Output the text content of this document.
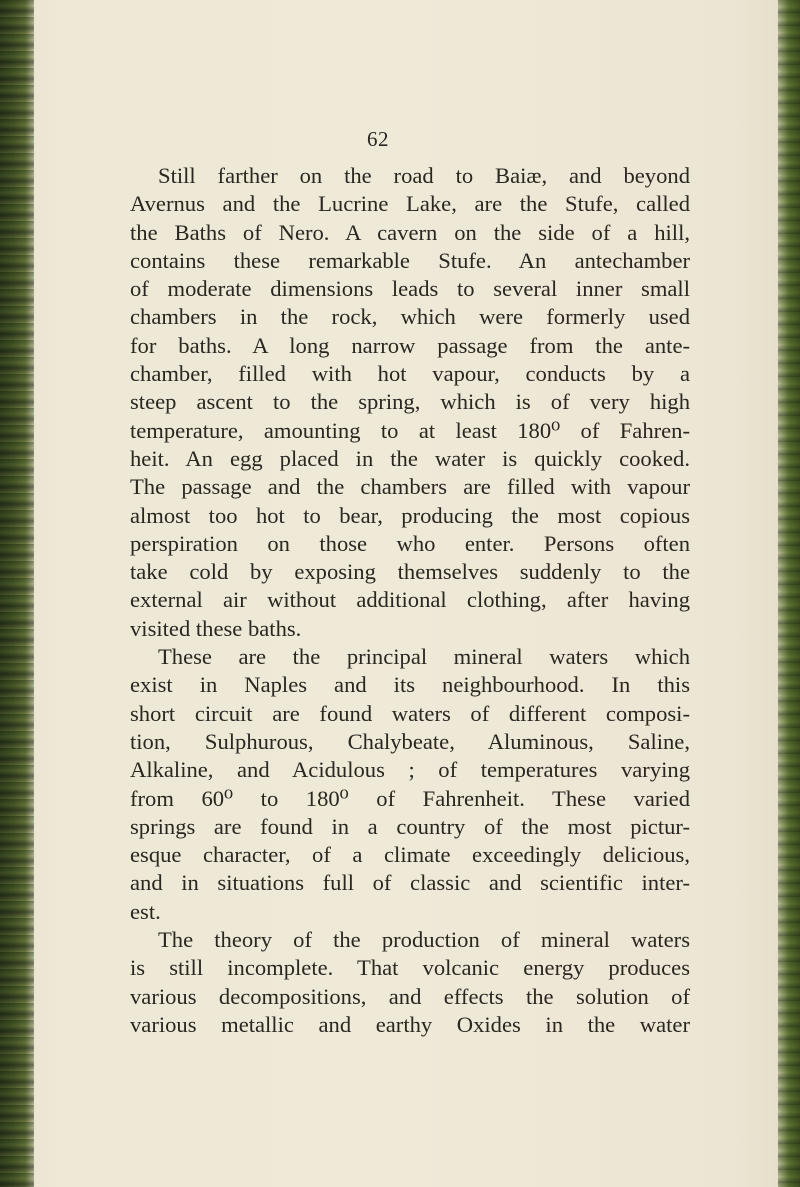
62
Still farther on the road to Baiæ, and beyond
Avernus and the Lucrine Lake, are the Stufe, called
the Baths of Nero. A cavern on the side of a hill,
contains these remarkable Stufe. An antechamber
of moderate dimensions leads to several inner small
chambers in the rock, which were formerly used
for baths. A long narrow passage from the ante-
chamber, filled with hot vapour, conducts by a
steep ascent to the spring, which is of very high
temperature, amounting to at least 180⁰ of Fahren-
heit. An egg placed in the water is quickly cooked.
The passage and the chambers are filled with vapour
almost too hot to bear, producing the most copious
perspiration on those who enter. Persons often
take cold by exposing themselves suddenly to the
external air without additional clothing, after having
visited these baths.
These are the principal mineral waters which
exist in Naples and its neighbourhood. In this
short circuit are found waters of different composi-
tion, Sulphurous, Chalybeate, Aluminous, Saline,
Alkaline, and Acidulous ; of temperatures varying
from 60⁰ to 180⁰ of Fahrenheit. These varied
springs are found in a country of the most pictur-
esque character, of a climate exceedingly delicious,
and in situations full of classic and scientific inter-
est.
The theory of the production of mineral waters
is still incomplete. That volcanic energy produces
various decompositions, and effects the solution of
various metallic and earthy Oxides in the water
